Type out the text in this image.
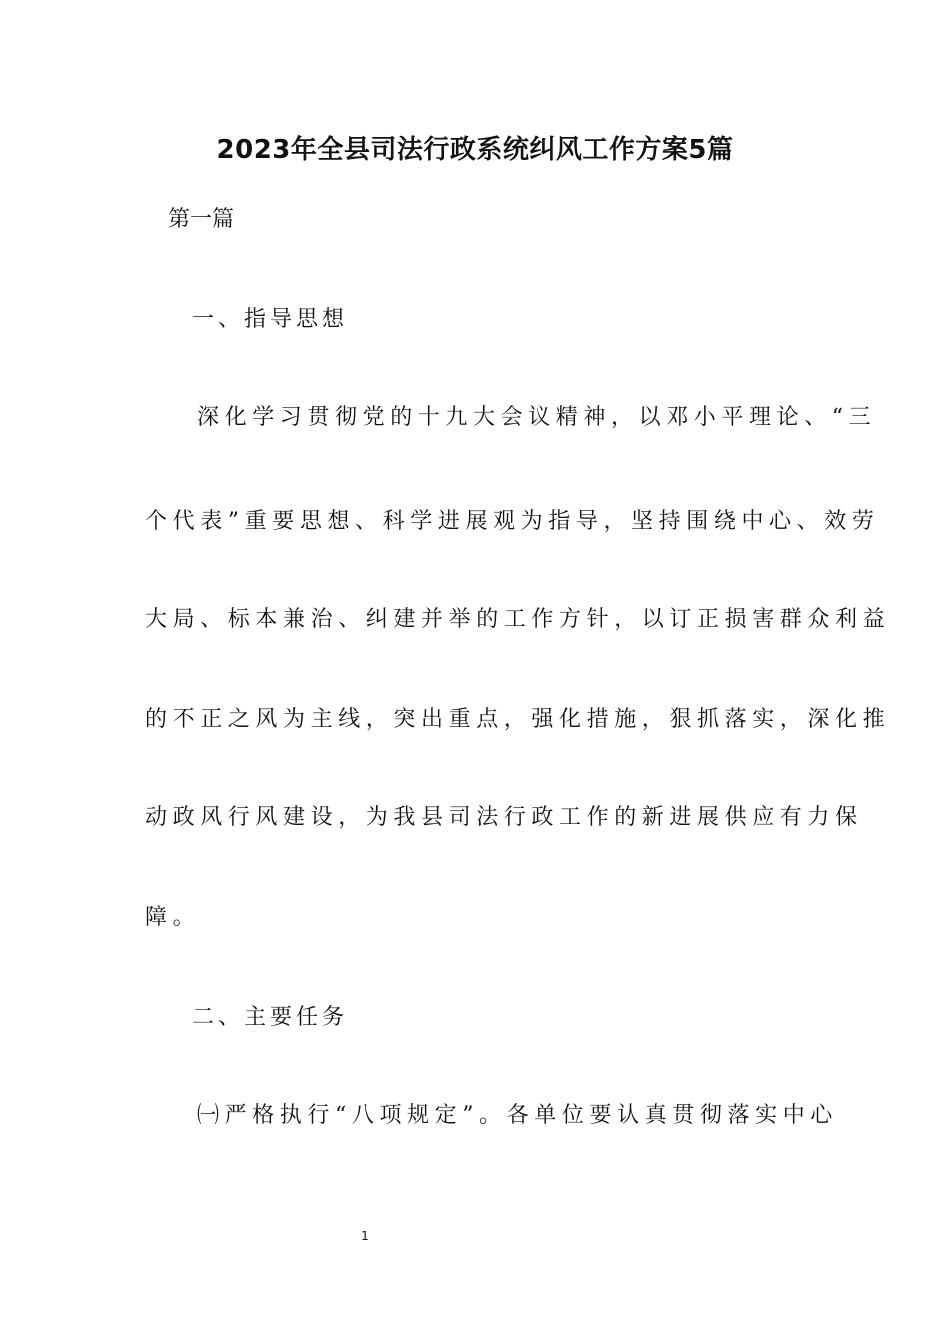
2023年全县司法行政系统纠风工作方案5篇
第一篇
一、指导思想
深化学习贯彻党的十九大会议精神，以邓小平理论、“三
个代表”重要思想、科学进展观为指导，坚持围绕中心、效劳
大局、标本兼治、纠建并举的工作方针，以订正损害群众利益
的不正之风为主线，突出重点，强化措施，狠抓落实，深化推
动政风行风建设，为我县司法行政工作的新进展供应有力保
障。
二、主要任务
㈠严格执行“八项规定”。各单位要认真贯彻落实中心
1
